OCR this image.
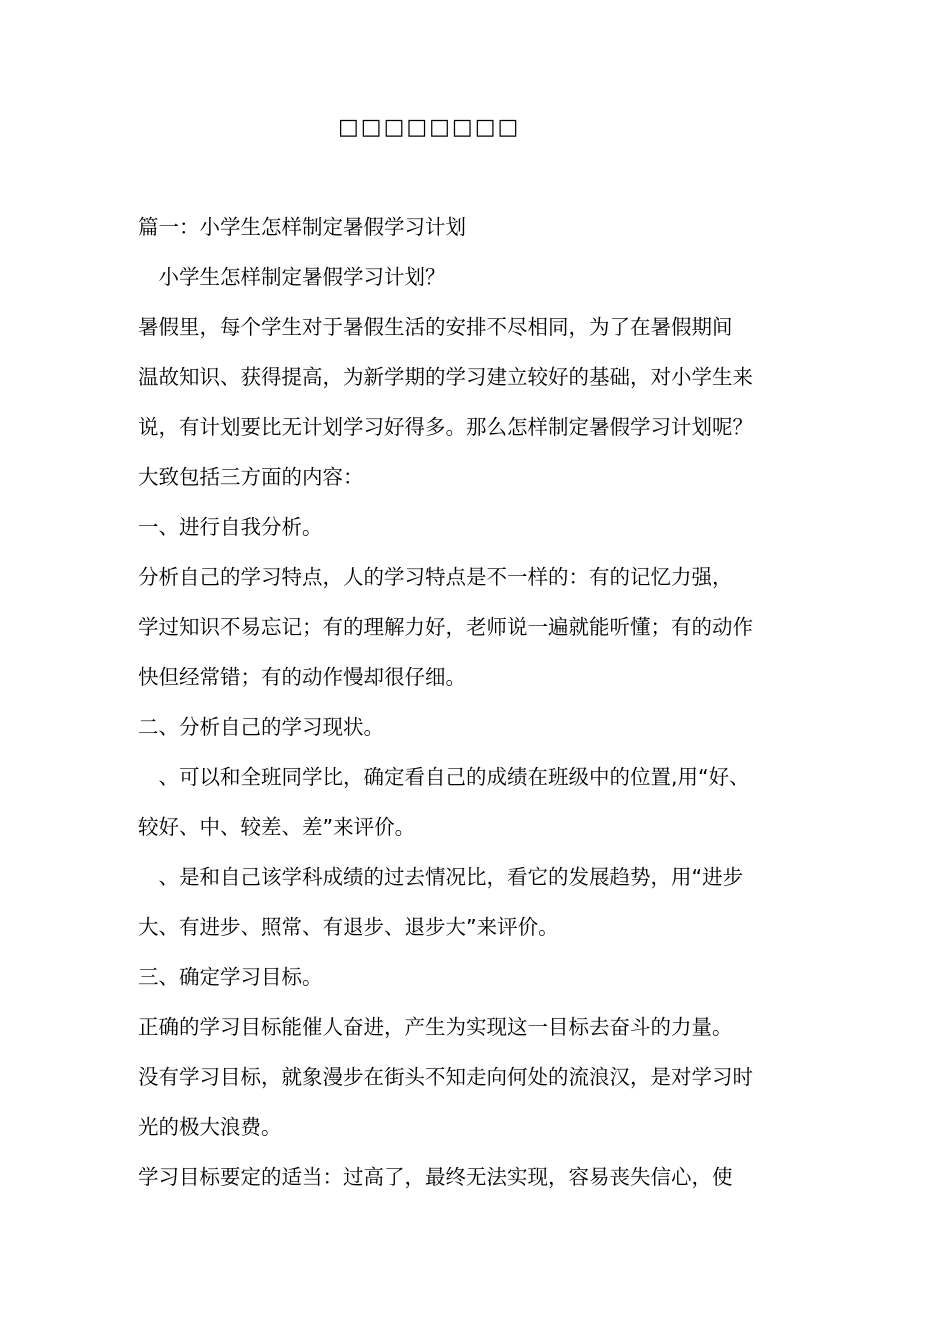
□□□□□□□□
篇一：小学生怎样制定暑假学习计划
　小学生怎样制定暑假学习计划？
暑假里，每个学生对于暑假生活的安排不尽相同，为了在暑假期间
温故知识、获得提高，为新学期的学习建立较好的基础，对小学生来
说，有计划要比无计划学习好得多。那么怎样制定暑假学习计划呢？
大致包括三方面的内容：
一、进行自我分析。
分析自己的学习特点，人的学习特点是不一样的：有的记忆力强，
学过知识不易忘记；有的理解力好，老师说一遍就能听懂；有的动作
快但经常错；有的动作慢却很仔细。
二、分析自己的学习现状。
　、可以和全班同学比，确定看自己的成绩在班级中的位置,用“好、
较好、中、较差、差”来评价。
　、是和自己该学科成绩的过去情况比，看它的发展趋势，用“进步
大、有进步、照常、有退步、退步大”来评价。
三、确定学习目标。
正确的学习目标能催人奋进，产生为实现这一目标去奋斗的力量。
没有学习目标，就象漫步在街头不知走向何处的流浪汉，是对学习时
光的极大浪费。
学习目标要定的适当：过高了，最终无法实现，容易丧失信心，使
